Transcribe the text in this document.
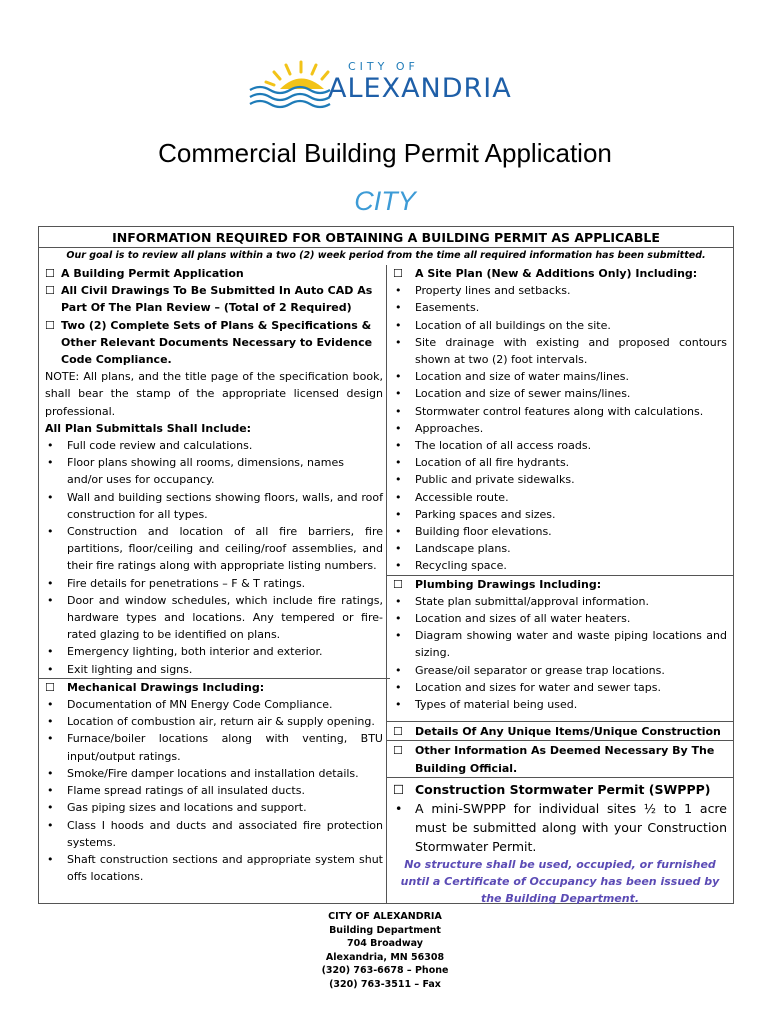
CITY OF
ALEXANDRIA
Commercial Building Permit Application
CITY
INFORMATION REQUIRED FOR OBTAINING A BUILDING PERMIT AS APPLICABLE
Our goal is to review all plans within a two (2) week period from the time all required information has been submitted.
☐ A Building Permit Application
☐ All Civil Drawings To Be Submitted In Auto CAD As Part Of The Plan Review – (Total of 2 Required)
☐ Two (2) Complete Sets of Plans & Specifications & Other Relevant Documents Necessary to Evidence Code Compliance.
NOTE: All plans, and the title page of the specification book, shall bear the stamp of the appropriate licensed design professional.
All Plan Submittals Shall Include:
• Full code review and calculations.
• Floor plans showing all rooms, dimensions, names and/or uses for occupancy.
• Wall and building sections showing floors, walls, and roof construction for all types.
• Construction and location of all fire barriers, fire partitions, floor/ceiling and ceiling/roof assemblies, and their fire ratings along with appropriate listing numbers.
• Fire details for penetrations – F & T ratings.
• Door and window schedules, which include fire ratings, hardware types and locations. Any tempered or fire-rated glazing to be identified on plans.
• Emergency lighting, both interior and exterior.
• Exit lighting and signs.
☐ Mechanical Drawings Including:
• Documentation of MN Energy Code Compliance.
• Location of combustion air, return air & supply opening.
• Furnace/boiler locations along with venting, BTU input/output ratings.
• Smoke/Fire damper locations and installation details.
• Flame spread ratings of all insulated ducts.
• Gas piping sizes and locations and support.
• Class I hoods and ducts and associated fire protection systems.
• Shaft construction sections and appropriate system shut offs locations.
☐ A Site Plan (New & Additions Only) Including:
• Property lines and setbacks.
• Easements.
• Location of all buildings on the site.
• Site drainage with existing and proposed contours shown at two (2) foot intervals.
• Location and size of water mains/lines.
• Location and size of sewer mains/lines.
• Stormwater control features along with calculations.
• Approaches.
• The location of all access roads.
• Location of all fire hydrants.
• Public and private sidewalks.
• Accessible route.
• Parking spaces and sizes.
• Building floor elevations.
• Landscape plans.
• Recycling space.
☐ Plumbing Drawings Including:
• State plan submittal/approval information.
• Location and sizes of all water heaters.
• Diagram showing water and waste piping locations and sizing.
• Grease/oil separator or grease trap locations.
• Location and sizes for water and sewer taps.
• Types of material being used.
☐ Details Of Any Unique Items/Unique Construction
☐ Other Information As Deemed Necessary By The Building Official.
☐ Construction Stormwater Permit (SWPPP)
• A mini-SWPPP for individual sites ½ to 1 acre must be submitted along with your Construction Stormwater Permit.
No structure shall be used, occupied, or furnished until a Certificate of Occupancy has been issued by the Building Department.
CITY OF ALEXANDRIA
Building Department
704 Broadway
Alexandria, MN 56308
(320) 763-6678 – Phone
(320) 763-3511 – Fax
